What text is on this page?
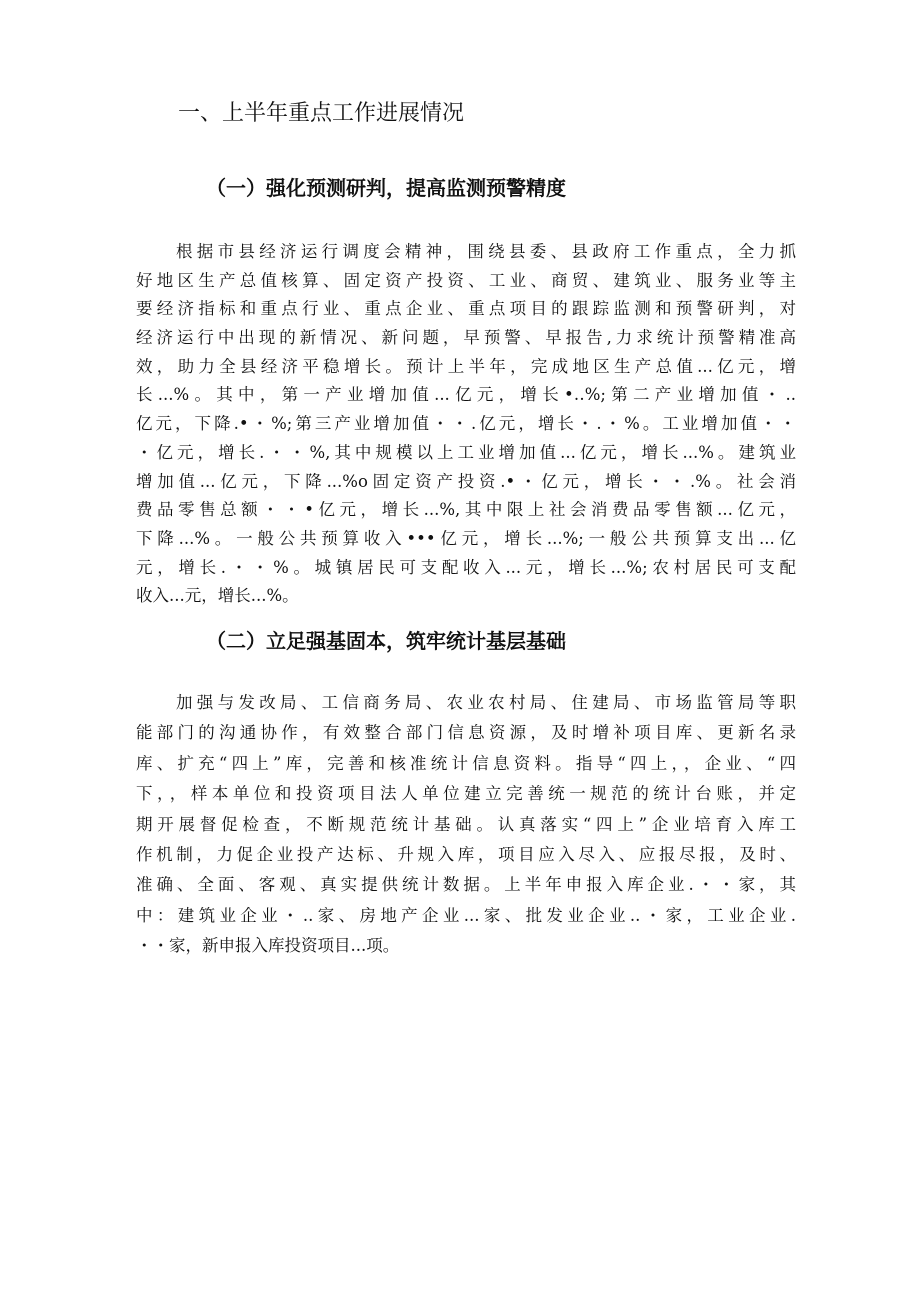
一、上半年重点工作进展情况
（一）强化预测研判，提高监测预警精度
根据市县经济运行调度会精神，围绕县委、县政府工作重点，全力抓
好地区生产总值核算、固定资产投资、工业、商贸、建筑业、服务业等主
要经济指标和重点行业、重点企业、重点项目的跟踪监测和预警研判，对
经济运行中出现的新情况、新问题，早预警、早报告,力求统计预警精准高
效，助力全县经济平稳增长。预计上半年，完成地区生产总值...亿元，增
长...%。其中，第一产业增加值...亿元，增长•‥%;第二产业增加值・..
亿元，下降.•・%;第三产业增加值・・.亿元，增长・.・%。工业增加值・・
・亿元，增长.・・%,其中规模以上工业增加值...亿元，增长...%。建筑业
增加值...亿元，下降...%o固定资产投资.•・亿元，增长・・.%。社会消
费品零售总额・・•亿元，增长...%,其中限上社会消费品零售额...亿元，
下降...%。一般公共预算收入•••亿元，增长...%;一般公共预算支出...亿
元，增长.・・%。城镇居民可支配收入...元，增长...%;农村居民可支配
收入...元，增长...%。
（二）立足强基固本，筑牢统计基层基础
加强与发改局、工信商务局、农业农村局、住建局、市场监管局等职
能部门的沟通协作，有效整合部门信息资源，及时增补项目库、更新名录
库、扩充“四上”库，完善和核准统计信息资料。指导“四上，，企业、“四
下，，样本单位和投资项目法人单位建立完善统一规范的统计台账，并定
期开展督促检查，不断规范统计基础。认真落实“四上”企业培育入库工
作机制，力促企业投产达标、升规入库，项目应入尽入、应报尽报，及时、
准确、全面、客观、真实提供统计数据。上半年申报入库企业.・・家，其
中：建筑业企业・..家、房地产企业...家、批发业企业..・家，工业企业.
・・家，新申报入库投资项目...项。
